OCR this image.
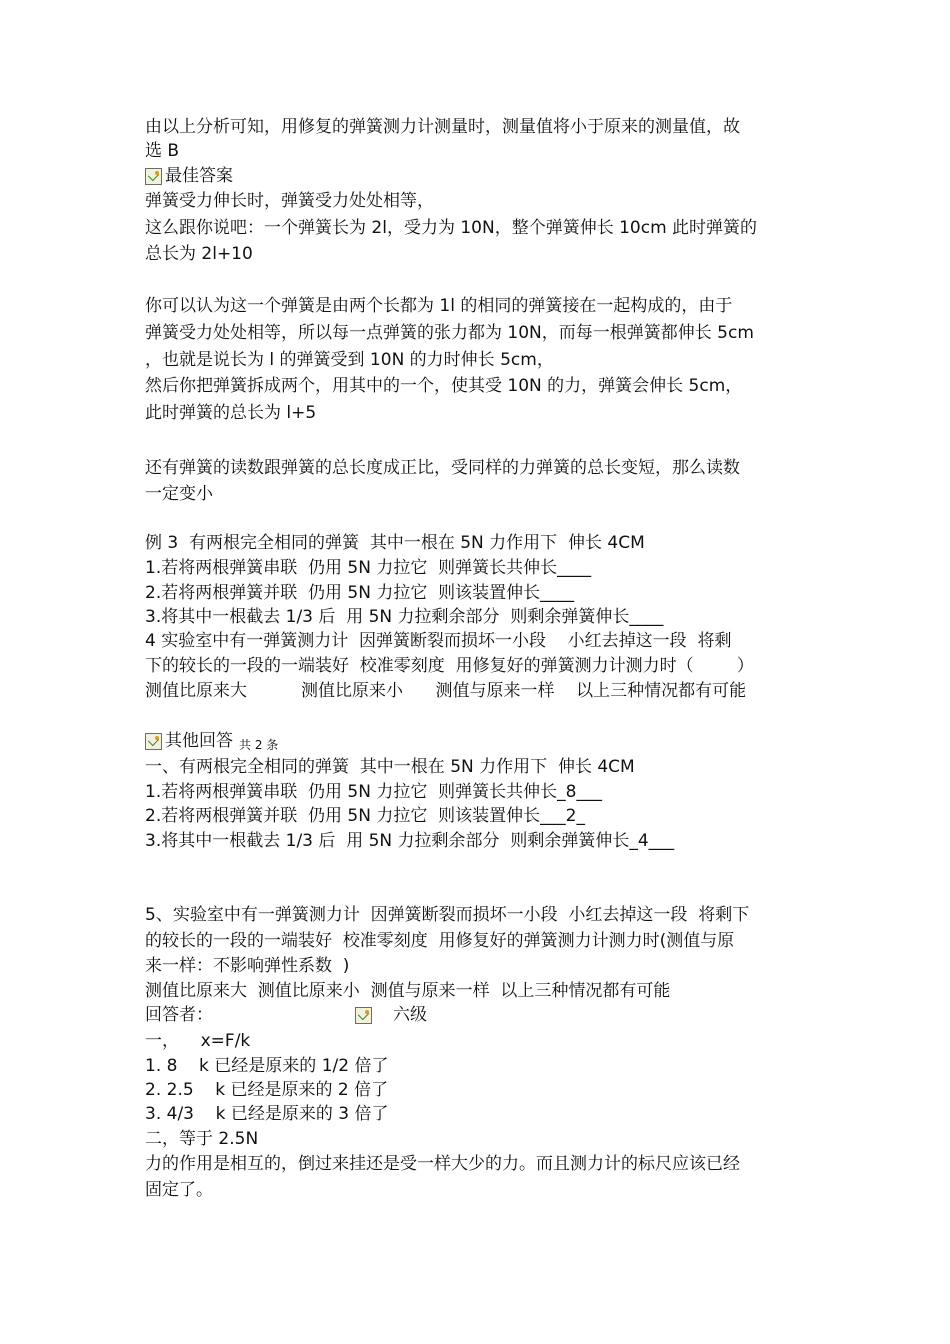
由以上分析可知，用修复的弹簧测力计测量时，测量值将小于原来的测量值，故
选 B
最佳答案
弹簧受力伸长时，弹簧受力处处相等，
这么跟你说吧：一个弹簧长为 2l，受力为 10N，整个弹簧伸长 10cm 此时弹簧的
总长为 2l+10
你可以认为这一个弹簧是由两个长都为 1l 的相同的弹簧接在一起构成的，由于
弹簧受力处处相等，所以每一点弹簧的张力都为 10N，而每一根弹簧都伸长 5cm
，也就是说长为 l 的弹簧受到 10N 的力时伸长 5cm，
然后你把弹簧拆成两个，用其中的一个，使其受 10N 的力，弹簧会伸长 5cm，
此时弹簧的总长为 l+5
还有弹簧的读数跟弹簧的总长度成正比，受同样的力弹簧的总长变短，那么读数
一定变小
例 3  有两根完全相同的弹簧  其中一根在 5N 力作用下  伸长 4CM
1.若将两根弹簧串联  仍用 5N 力拉它  则弹簧长共伸长____
2.若将两根弹簧并联  仍用 5N 力拉它  则该装置伸长____
3.将其中一根截去 1/3 后  用 5N 力拉剩余部分  则剩余弹簧伸长____
4 实验室中有一弹簧测力计  因弹簧断裂而损坏一小段    小红去掉这一段  将剩
下的较长的一段的一端装好  校准零刻度  用修复好的弹簧测力计测力时（        ）
测值比原来大          测值比原来小      测值与原来一样    以上三种情况都有可能
其他回答 共 2 条
一、有两根完全相同的弹簧  其中一根在 5N 力作用下  伸长 4CM
1.若将两根弹簧串联  仍用 5N 力拉它  则弹簧长共伸长_8___
2.若将两根弹簧并联  仍用 5N 力拉它  则该装置伸长___2_
3.将其中一根截去 1/3 后  用 5N 力拉剩余部分  则剩余弹簧伸长_4___
5、实验室中有一弹簧测力计  因弹簧断裂而损坏一小段  小红去掉这一段  将剩下
的较长的一段的一端装好  校准零刻度  用修复好的弹簧测力计测力时(测值与原
来一样：不影响弹性系数  )
测值比原来大  测值比原来小  测值与原来一样  以上三种情况都有可能
回答者：	六级
一，    x=F/k
1. 8    k 已经是原来的 1/2 倍了
2. 2.5    k 已经是原来的 2 倍了
3. 4/3    k 已经是原来的 3 倍了
二，等于 2.5N
力的作用是相互的，倒过来挂还是受一样大少的力。而且测力计的标尺应该已经
固定了。
